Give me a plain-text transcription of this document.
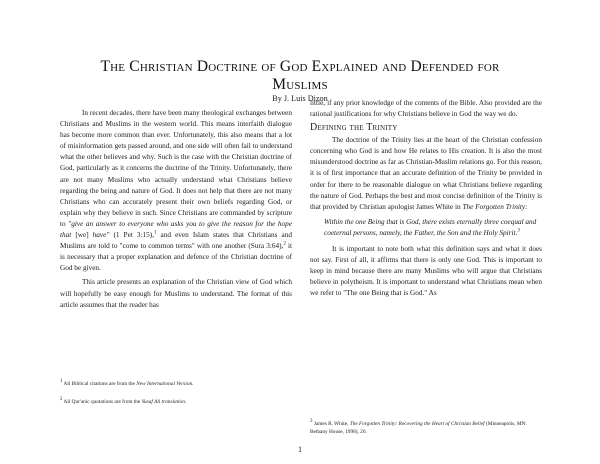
The Christian Doctrine of God Explained and Defended for
Muslims
By J. Luis Dizon

In recent decades, there have been many theological exchanges between Christians and Muslims in the western world. This means interfaith dialogue has become more common than ever. Unfortunately, this also means that a lot of misinformation gets passed around, and one side will often fail to understand what the other believes and why. Such is the case with the Christian doctrine of God, particularly as it concerns the doctrine of the Trinity. Unfortunately, there are not many Muslims who actually understand what Christians believe regarding the being and nature of God. It does not help that there are not many Christians who can accurately present their own beliefs regarding God, or explain why they believe in such. Since Christians are commanded by scripture to "give an answer to everyone who asks you to give the reason for the hope that [we] have" (1 Pet 3:15),$^1$ and even Islam states that Christians and Muslims are told to "come to common terms" with one another (Sura 3:64),$^2$ it is necessary that a proper explanation and defence of the Christian doctrine of God be given.

This article presents an explanation of the Christian view of God which will hopefully be easy enough for Muslims to understand. The format of this article assumes that the reader has

little, if any prior knowledge of the contents of the Bible. Also provided are the rational justifications for why Christians believe in God the way we do.

Defining the Trinity

The doctrine of the Trinity lies at the heart of the Christian confession concerning who God is and how He relates to His creation. It is also the most misunderstood doctrine as far as Christian-Muslim relations go. For this reason, it is of first importance that an accurate definition of the Trinity be provided in order for there to be reasonable dialogue on what Christians believe regarding the nature of God. Perhaps the best and most concise definition of the Trinity is that provided by Christian apologist James White in The Forgotten Trinity:

Within the one Being that is God, there exists eternally three coequal and coeternal persons, namely, the Father, the Son and the Holy Spirit.$^3$

It is important to note both what this definition says and what it does not say. First of all, it affirms that there is only one God. This is important to keep in mind because there are many Muslims who will argue that Christians believe in polytheism. It is important to understand what Christians mean when we refer to "The one Being that is God." As

$^1$ All Biblical citations are from the New International Version.
$^2$ All Qur'anic quotations are from the Yusuf Ali translation.
$^3$ James R. White, The Forgotten Trinity: Recovering the Heart of Christian Belief (Minneapolis, MN: Bethany House, 1998), 26.
1
